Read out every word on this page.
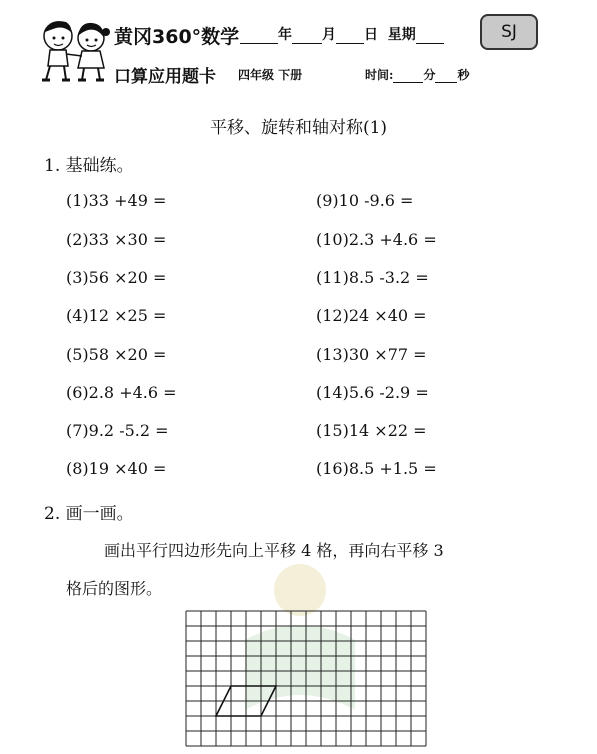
黄冈360°数学
口算应用题卡
年 月 日 星期	SJ
四年级 下册	时间:	分 秒
平移、旋转和轴对称(1)
1. 基础练。
(1)33 +49 =
(2)33 ×30 =
(3)56 ×20 =
(4)12 ×25 =
(5)58 ×20 =
(6)2.8 +4.6 =
(7)9.2 -5.2 =
(8)19 ×40 =
(9)10 -9.6 =
(10)2.3 +4.6 =
(11)8.5 -3.2 =
(12)24 ×40 =
(13)30 ×77 =
(14)5.6 -2.9 =
(15)14 ×22 =
(16)8.5 +1.5 =
2. 画一画。
画出平行四边形先向上平移 4 格，再向右平移 3
格后的图形。
